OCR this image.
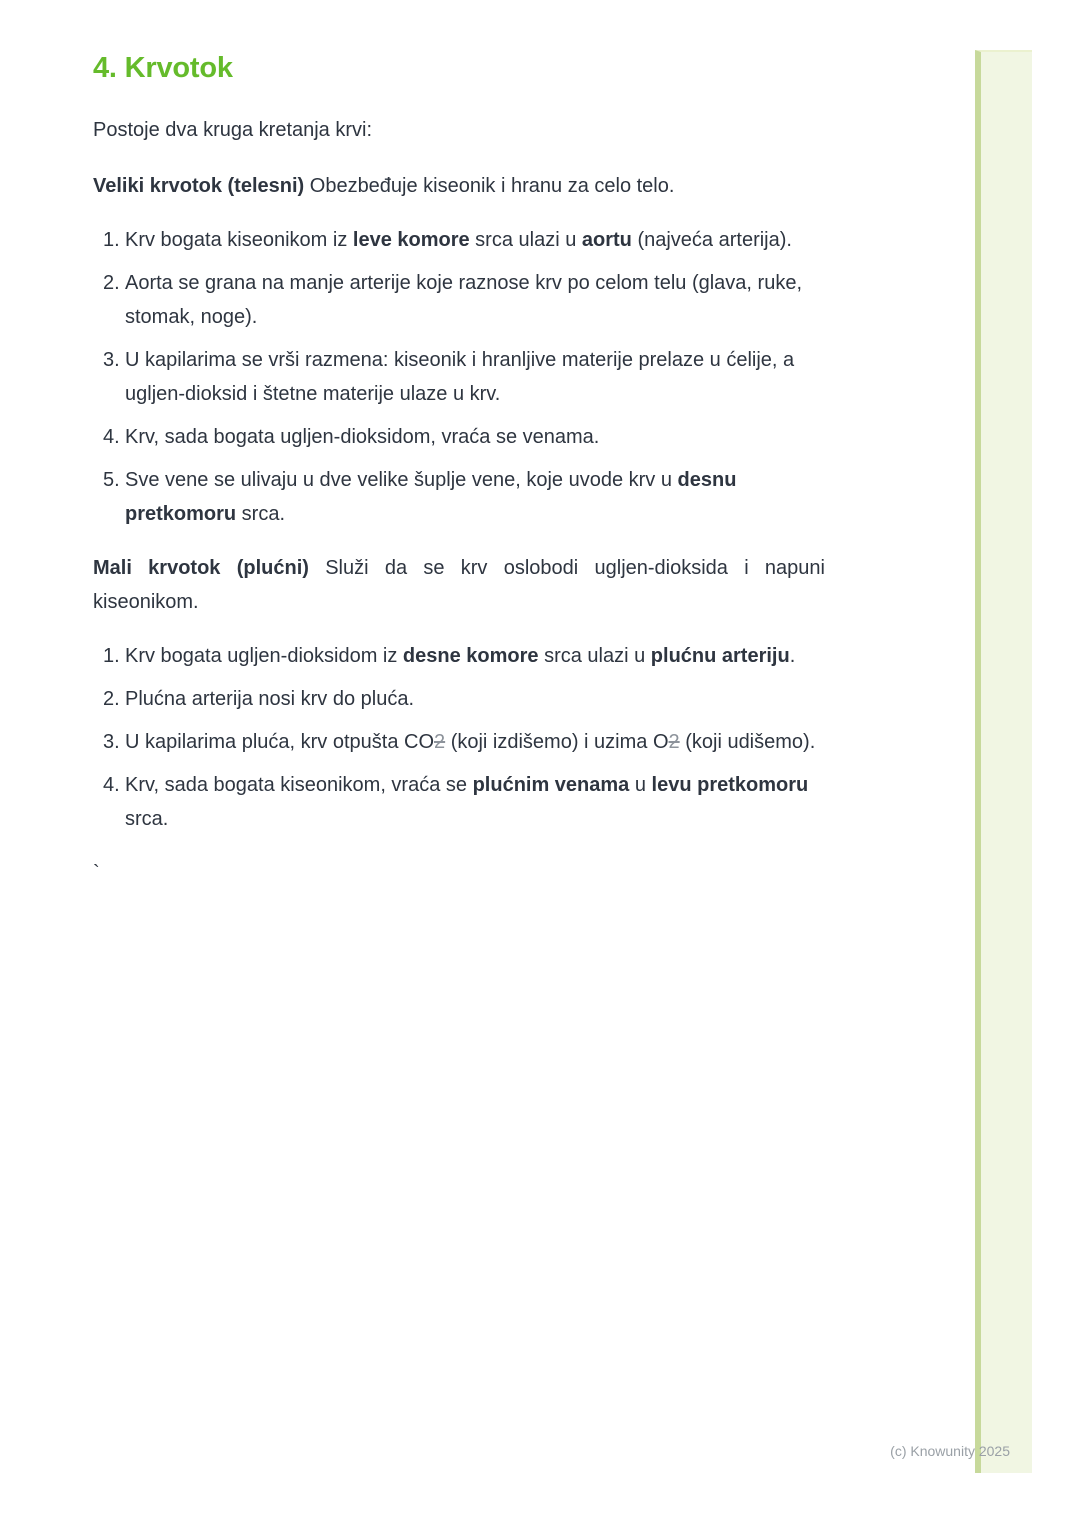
4. Krvotok

Postoje dva kruga kretanja krvi:

Veliki krvotok (telesni) Obezbeđuje kiseonik i hranu za celo telo.

1. Krv bogata kiseonikom iz leve komore srca ulazi u aortu (najveća arterija).
2. Aorta se grana na manje arterije koje raznose krv po celom telu (glava, ruke, stomak, noge).
3. U kapilarima se vrši razmena: kiseonik i hranljive materije prelaze u ćelije, a ugljen-dioksid i štetne materije ulaze u krv.
4. Krv, sada bogata ugljen-dioksidom, vraća se venama.
5. Sve vene se ulivaju u dve velike šuplje vene, koje uvode krv u desnu pretkomoru srca.

Mali krvotok (plućni) Služi da se krv oslobodi ugljen-dioksida i napuni kiseonikom.

1. Krv bogata ugljen-dioksidom iz desne komore srca ulazi u plućnu arteriju.
2. Plućna arterija nosi krv do pluća.
3. U kapilarima pluća, krv otpušta CO2 (koji izdišemo) i uzima O2 (koji udišemo).
4. Krv, sada bogata kiseonikom, vraća se plućnim venama u levu pretkomoru srca.

`

(c) Knowunity 2025
